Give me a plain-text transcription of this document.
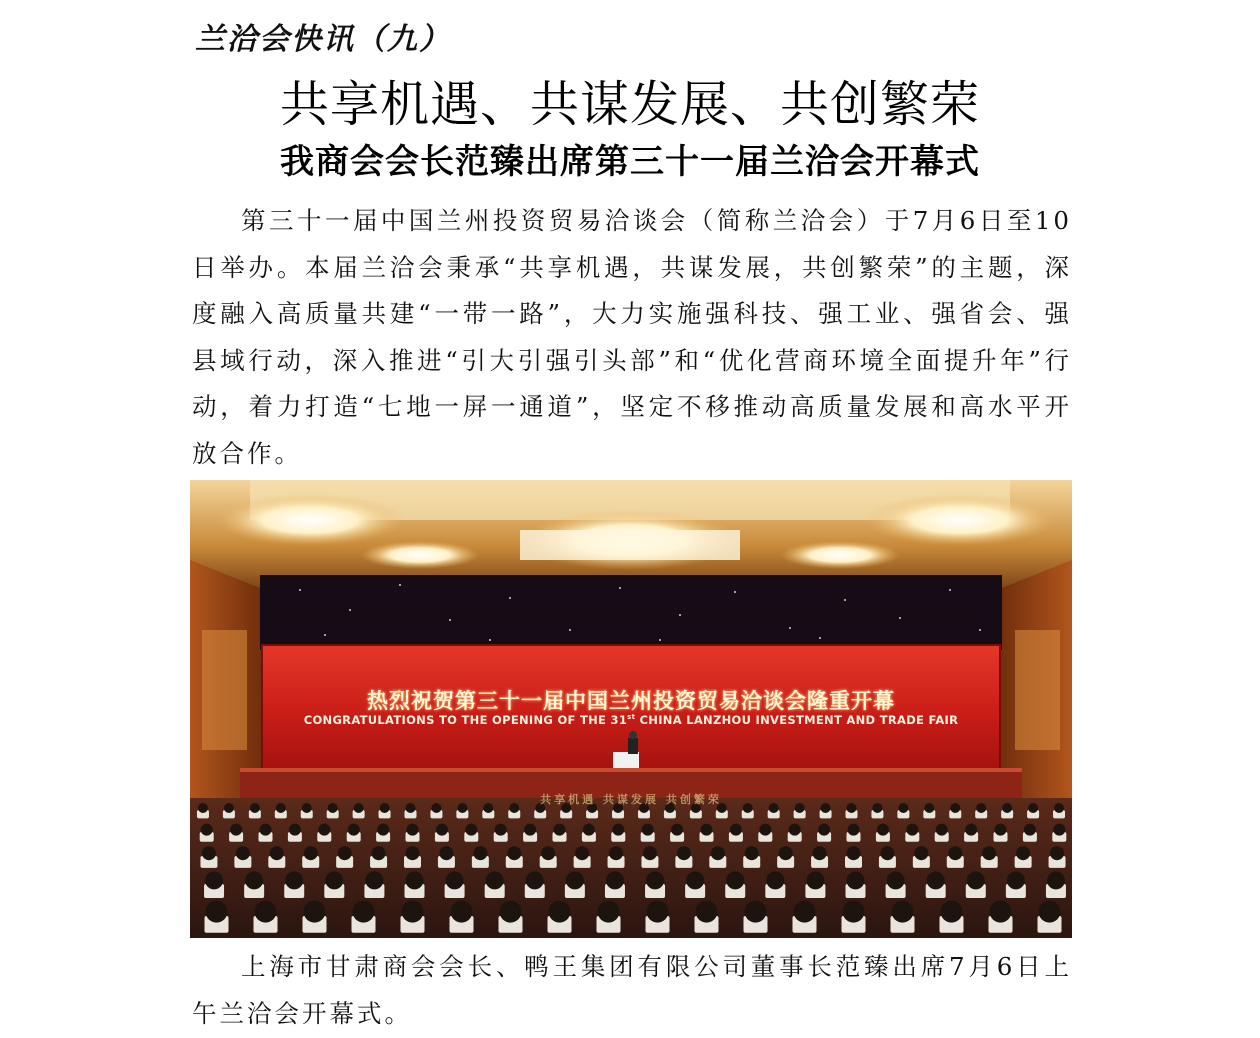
兰洽会快讯（九）
共享机遇、共谋发展、共创繁荣
我商会会长范臻出席第三十一届兰洽会开幕式

第三十一届中国兰州投资贸易洽谈会（简称兰洽会）于7月6日至10日举办。本届兰洽会秉承“共享机遇，共谋发展，共创繁荣”的主题，深度融入高质量共建“一带一路”，大力实施强科技、强工业、强省会、强县域行动，深入推进“引大引强引头部”和“优化营商环境全面提升年”行动，着力打造“七地一屏一通道”，坚定不移推动高质量发展和高水平开放合作。

热烈祝贺第三十一届中国兰州投资贸易洽谈会隆重开幕
CONGRATULATIONS TO THE OPENING OF THE 31st CHINA LANZHOU INVESTMENT AND TRADE FAIR
共享机遇 共谋发展 共创繁荣

上海市甘肃商会会长、鸭王集团有限公司董事长范臻出席7月6日上午兰洽会开幕式。
